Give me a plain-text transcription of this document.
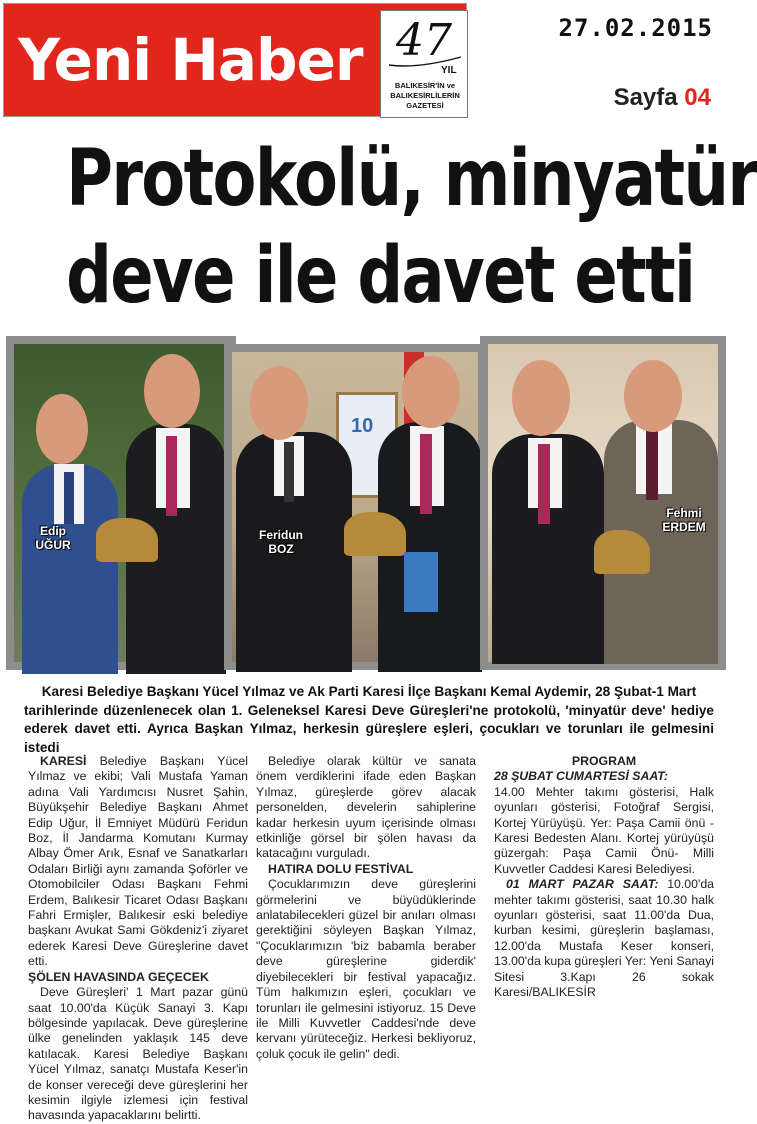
Yeni Haber 47
YIL
BALIKESİR'İN ve BALIKESİRLİLERİN GAZETESİ
27.02.2015
Sayfa 04
Protokolü, minyatür
deve ile davet etti
Edip
UĞUR
10
Feridun
BOZ
Fehmi
ERDEM
Karesi Belediye Başkanı Yücel Yılmaz ve Ak Parti Karesi İlçe Başkanı Kemal Aydemir, 28 Şubat-1 Mart
tarihlerinde düzenlenecek olan 1. Geleneksel Karesi Deve Güreşleri'ne protokolü, 'minyatür deve' hediye ederek davet etti. Ayrıca Başkan Yılmaz, herkesin güreşlere eşleri, çocukları ve torunları ile gelmesini istedi

KARESİ Belediye Başkanı Yücel Yılmaz ve ekibi; Vali Mustafa Yaman adına Vali Yardımcısı Nusret Şahin, Büyükşehir Belediye Başkanı Ahmet Edip Uğur, İl Emniyet Müdürü Feridun Boz, İl Jandarma Komutanı Kurmay Albay Ömer Arık, Esnaf ve Sanatkarları Odaları Birliği aynı zamanda Şoförler ve Otomobilciler Odası Başkanı Fehmi Erdem, Balıkesir Ticaret Odası Başkanı Fahri Ermişler, Balıkesir eski belediye başkanı Avukat Sami Gökdeniz'i ziyaret ederek Karesi Deve Güreşlerine davet etti.

ŞÖLEN HAVASINDA GEÇECEK

Deve Güreşleri' 1 Mart pazar günü saat 10.00'da Küçük Sanayi 3. Kapı bölgesinde yapılacak. Deve güreşlerine ülke genelinden yaklaşık 145 deve katılacak. Karesi Belediye Başkanı Yücel Yılmaz, sanatçı Mustafa Keser'in de konser vereceği deve güreşlerini her kesimin ilgiyle izlemesi için festival havasında yapacaklarını belirtti.

Belediye olarak kültür ve sanata önem verdiklerini ifade eden Başkan Yılmaz, güreşlerde görev alacak personelden, develerin sahiplerine kadar herkesin uyum içerisinde olması etkinliğe görsel bir şölen havası da katacağını vurguladı.

HATIRA DOLU FESTİVAL

Çocuklarımızın deve güreşlerini görmelerini ve büyüdüklerinde anlatabilecekleri güzel bir anıları olması gerektiğini söyleyen Başkan Yılmaz, "Çocuklarımızın 'biz babamla beraber deve güreşlerine giderdik' diyebilecekleri bir festival yapacağız. Tüm halkımızın eşleri, çocukları ve torunları ile gelmesini istiyoruz. 15 Deve ile Milli Kuvvetler Caddesi'nde deve kervanı yürüteceğiz. Herkesi bekliyoruz, çoluk çocuk ile gelin" dedi.

PROGRAM

28 ŞUBAT CUMARTESİ SAAT:

14.00 Mehter takımı gösterisi, Halk oyunları gösterisi, Fotoğraf Sergisi, Kortej Yürüyüşü. Yer: Paşa Camii önü - Karesi Bedesten Alanı. Kortej yürüyüşü güzergah: Paşa Camii Önü- Milli Kuvvetler Caddesi Karesi Belediyesi.

01 MART PAZAR SAAT: 10.00'da mehter takımı gösterisi, saat 10.30 halk oyunları gösterisi, saat 11.00'da Dua, kurban kesimi, güreşlerin başlaması, 12.00'da Mustafa Keser konseri, 13.00'da kupa güreşleri Yer: Yeni Sanayi Sitesi 3.Kapı 26 sokak Karesi/BALIKESİR
